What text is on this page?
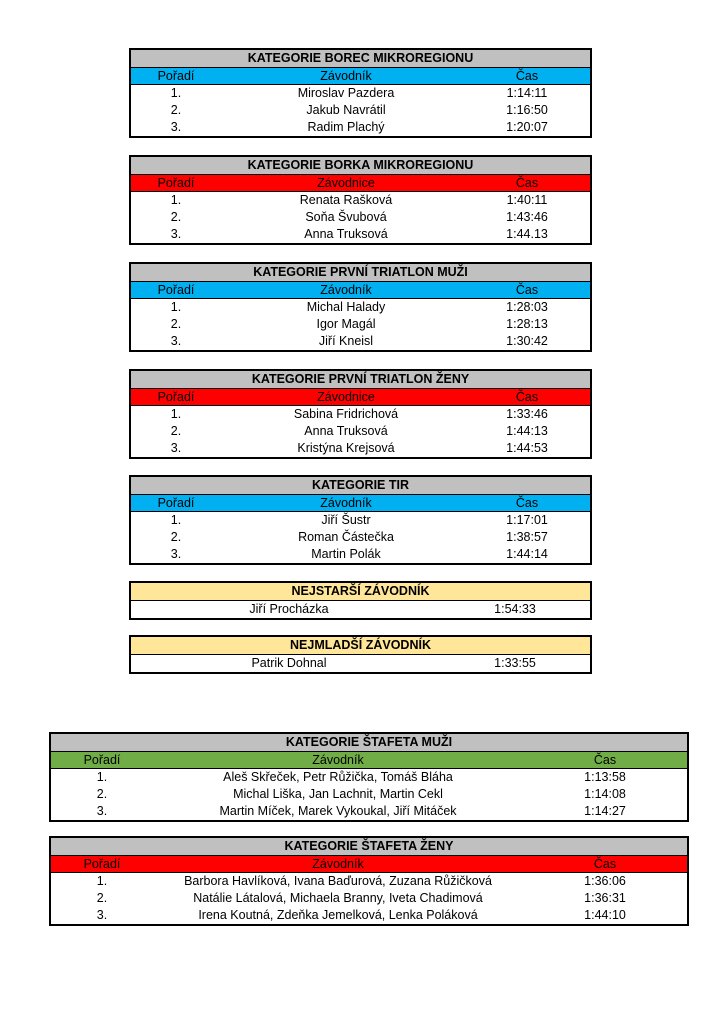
KATEGORIE BOREC MIKROREGIONU
Pořadí	Závodník	Čas
1.	Miroslav Pazdera	1:14:11
2.	Jakub Navrátil	1:16:50
3.	Radim Plachý	1:20:07
KATEGORIE BORKA MIKROREGIONU
Pořadí	Závodnice	Čas
1.	Renata Rašková	1:40:11
2.	Soňa Švubová	1:43:46
3.	Anna Truksová	1:44.13
KATEGORIE PRVNÍ TRIATLON MUŽI
Pořadí	Závodník	Čas
1.	Michal Halady	1:28:03
2.	Igor Magál	1:28:13
3.	Jiří Kneisl	1:30:42
KATEGORIE PRVNÍ TRIATLON ŽENY
Pořadí	Závodnice	Čas
1.	Sabina Fridrichová	1:33:46
2.	Anna Truksová	1:44:13
3.	Kristýna Krejsová	1:44:53
KATEGORIE TIR
Pořadí	Závodník	Čas
1.	Jiří Šustr	1:17:01
2.	Roman Částečka	1:38:57
3.	Martin Polák	1:44:14
NEJSTARŠÍ ZÁVODNÍK
Jiří Procházka	1:54:33
NEJMLADŠÍ ZÁVODNÍK
Patrik Dohnal	1:33:55
KATEGORIE ŠTAFETA MUŽI
Pořadí	Závodník	Čas
1.	Aleš Skřeček, Petr Růžička, Tomáš Bláha	1:13:58
2.	Michal Liška, Jan Lachnit, Martin Cekl	1:14:08
3.	Martin Míček, Marek Vykoukal, Jiří Mitáček	1:14:27
KATEGORIE ŠTAFETA ŽENY
Pořadí	Závodník	Čas
1.	Barbora Havlíková, Ivana Baďurová, Zuzana Růžičková	1:36:06
2.	Natálie Látalová, Michaela Branny, Iveta Chadimová	1:36:31
3.	Irena Koutná, Zdeňka Jemelková, Lenka Poláková	1:44:10
